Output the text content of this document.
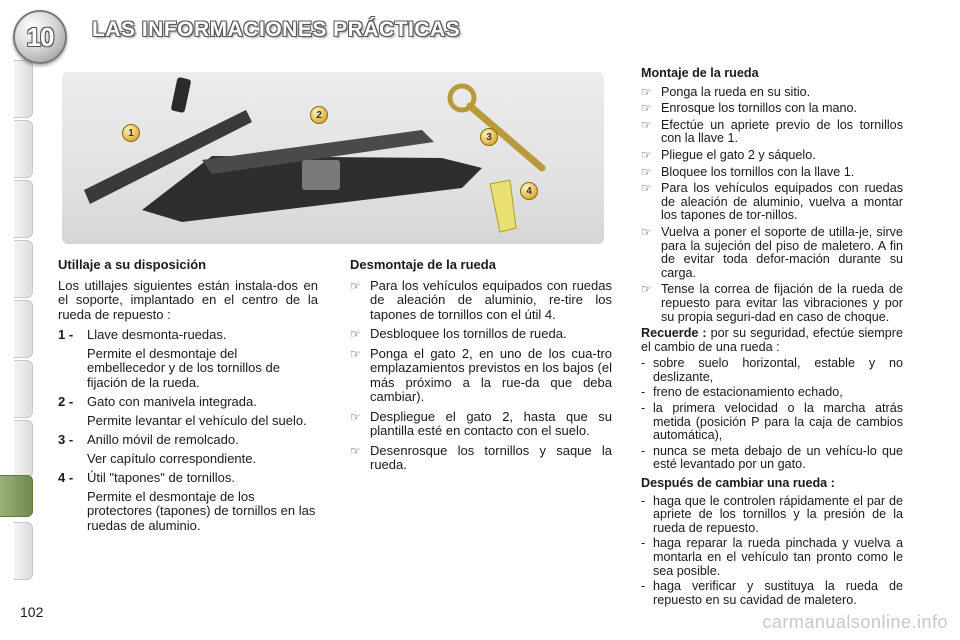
10 LAS INFORMACIONES PRÁCTICAS
1
2
3
4
Utillaje a su disposición

Los utillajes siguientes están instala-dos en el soporte, implantado en el centro de la rueda de repuesto :

1 -	Llave desmonta-ruedas.
Permite el desmontaje del embellecedor y de los tornillos de fijación de la rueda.
2 -	Gato con manivela integrada.
Permite levantar el vehículo del suelo.
3 -	Anillo móvil de remolcado.
Ver capítulo correspondiente.
4 -	Útil "tapones" de tornillos.
Permite el desmontaje de los protectores (tapones) de tornillos en las ruedas de aluminio.
Desmontaje de la rueda
☞ Para los vehículos equipados con ruedas de aleación de aluminio, re-tire los tapones de tornillos con el útil 4.
☞ Desbloquee los tornillos de rueda.
☞ Ponga el gato 2, en uno de los cua-tro emplazamientos previstos en los bajos (el más próximo a la rue-da que deba cambiar).
☞ Despliegue el gato 2, hasta que su plantilla esté en contacto con el suelo.
☞ Desenrosque los tornillos y saque la rueda.
Montaje de la rueda
☞ Ponga la rueda en su sitio.
☞ Enrosque los tornillos con la mano.
☞ Efectúe un apriete previo de los tornillos con la llave 1.
☞ Pliegue el gato 2 y sáquelo.
☞ Bloquee los tornillos con la llave 1.
☞ Para los vehículos equipados con ruedas de aleación de aluminio, vuelva a montar los tapones de tor-nillos.
☞ Vuelva a poner el soporte de utilla-je, sirve para la sujeción del piso de maletero. A fin de evitar toda defor-mación durante su carga.
☞ Tense la correa de fijación de la rueda de repuesto para evitar las vibraciones y por su propia seguri-dad en caso de choque.

Recuerde : por su seguridad, efectúe siempre el cambio de una rueda :

- sobre suelo horizontal, estable y no deslizante,
- freno de estacionamiento echado,
- la primera velocidad o la marcha atrás metida (posición P para la caja de cambios automática),
- nunca se meta debajo de un vehícu-lo que esté levantado por un gato.
Después de cambiar una rueda :
- haga que le controlen rápidamente el par de apriete de los tornillos y la presión de la rueda de repuesto.
- haga reparar la rueda pinchada y vuelva a montarla en el vehículo tan pronto como le sea posible.
- haga verificar y sustituya la rueda de repuesto en su cavidad de maletero.
102	carmanualsonline.info
